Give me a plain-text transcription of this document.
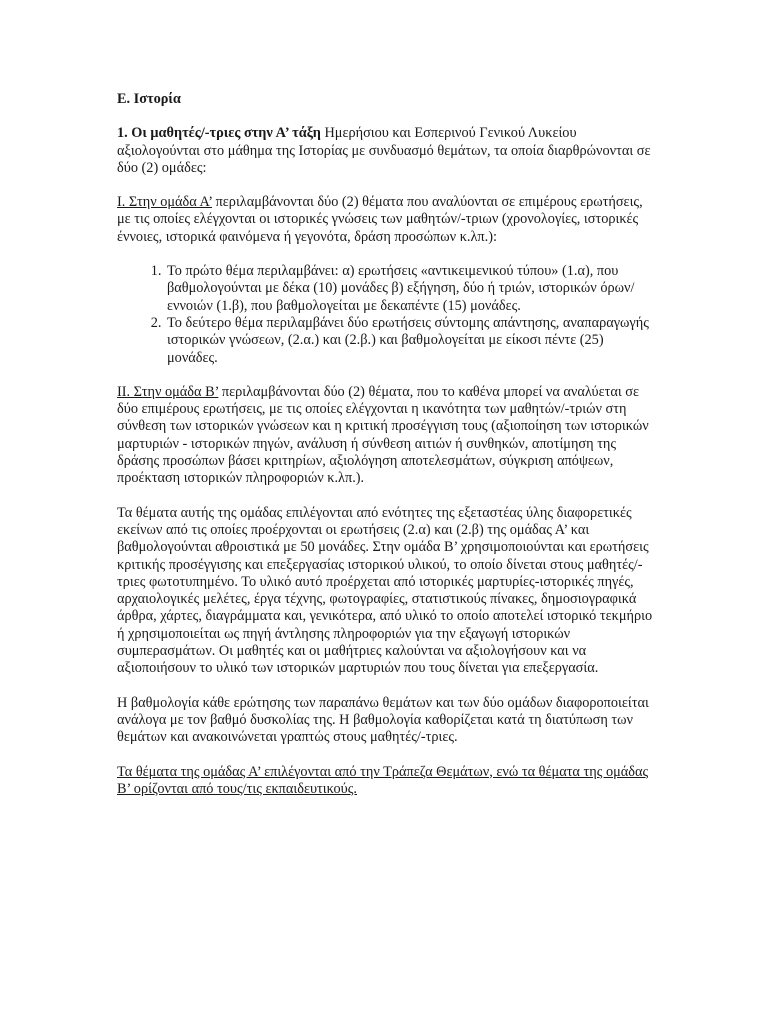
Ε. Ιστορία

1. Οι μαθητές/-τριες στην Α’ τάξη Ημερήσιου και Εσπερινού Γενικού Λυκείου αξιολογούνται στο μάθημα της Ιστορίας με συνδυασμό θεμάτων, τα οποία διαρθρώνονται σε δύο (2) ομάδες:

Ι. Στην ομάδα Α’ περιλαμβάνονται δύο (2) θέματα που αναλύονται σε επιμέρους ερωτήσεις, με τις οποίες ελέγχονται οι ιστορικές γνώσεις των μαθητών/-τριων (χρονολογίες, ιστορικές έννοιες, ιστορικά φαινόμενα ή γεγονότα, δράση προσώπων κ.λπ.):

1. Το πρώτο θέμα περιλαμβάνει: α) ερωτήσεις «αντικειμενικού τύπου» (1.α), που βαθμολογούνται με δέκα (10) μονάδες β) εξήγηση, δύο ή τριών, ιστορικών όρων/εννοιών (1.β), που βαθμολογείται με δεκαπέντε (15) μονάδες.
2. Το δεύτερο θέμα περιλαμβάνει δύο ερωτήσεις σύντομης απάντησης, αναπαραγωγής ιστορικών γνώσεων, (2.α.) και (2.β.) και βαθμολογείται με είκοσι πέντε (25) μονάδες.

ΙΙ. Στην ομάδα Β’ περιλαμβάνονται δύο (2) θέματα, που το καθένα μπορεί να αναλύεται σε δύο επιμέρους ερωτήσεις, με τις οποίες ελέγχονται η ικανότητα των μαθητών/-τριών στη σύνθεση των ιστορικών γνώσεων και η κριτική προσέγγιση τους (αξιοποίηση των ιστορικών μαρτυριών - ιστορικών πηγών, ανάλυση ή σύνθεση αιτιών ή συνθηκών, αποτίμηση της δράσης προσώπων βάσει κριτηρίων, αξιολόγηση αποτελεσμάτων, σύγκριση απόψεων, προέκταση ιστορικών πληροφοριών κ.λπ.).

Τα θέματα αυτής της ομάδας επιλέγονται από ενότητες της εξεταστέας ύλης διαφορετικές εκείνων από τις οποίες προέρχονται οι ερωτήσεις (2.α) και (2.β) της ομάδας Α’ και βαθμολογούνται αθροιστικά με 50 μονάδες. Στην ομάδα Β’ χρησιμοποιούνται και ερωτήσεις κριτικής προσέγγισης και επεξεργασίας ιστορικού υλικού, το οποίο δίνεται στους μαθητές/-τριες φωτοτυπημένο. Το υλικό αυτό προέρχεται από ιστορικές μαρτυρίες-ιστορικές πηγές, αρχαιολογικές μελέτες, έργα τέχνης, φωτογραφίες, στατιστικούς πίνακες, δημοσιογραφικά άρθρα, χάρτες, διαγράμματα και, γενικότερα, από υλικό το οποίο αποτελεί ιστορικό τεκμήριο ή χρησιμοποιείται ως πηγή άντλησης πληροφοριών για την εξαγωγή ιστορικών συμπερασμάτων. Οι μαθητές και οι μαθήτριες καλούνται να αξιολογήσουν και να αξιοποιήσουν το υλικό των ιστορικών μαρτυριών που τους δίνεται για επεξεργασία.

Η βαθμολογία κάθε ερώτησης των παραπάνω θεμάτων και των δύο ομάδων διαφοροποιείται ανάλογα με τον βαθμό δυσκολίας της. Η βαθμολογία καθορίζεται κατά τη διατύπωση των θεμάτων και ανακοινώνεται γραπτώς στους μαθητές/-τριες.

Τα θέματα της ομάδας Α’ επιλέγονται από την Τράπεζα Θεμάτων, ενώ τα θέματα της ομάδας Β’ ορίζονται από τους/τις εκπαιδευτικούς.
